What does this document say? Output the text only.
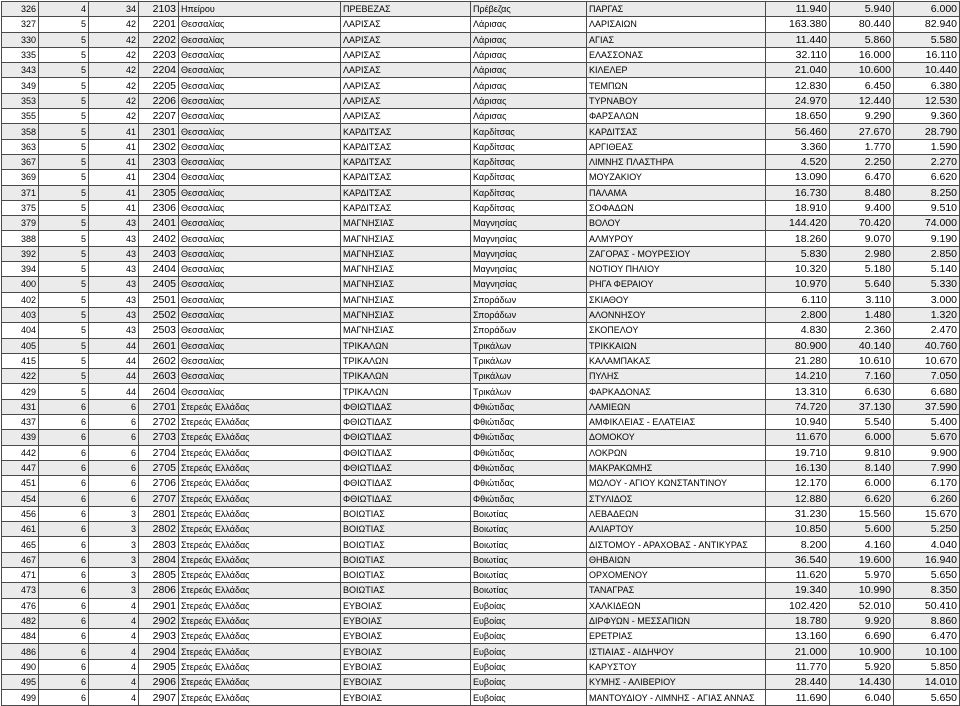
326	4	34	2103	Ηπείρου	ΠΡΕΒΕΖΑΣ	Πρέβεζας	ΠΑΡΓΑΣ	11.940	5.940	6.000
327	5	42	2201	Θεσσαλίας	ΛΑΡΙΣΑΣ	Λάρισας	ΛΑΡΙΣΑΙΩΝ	163.380	80.440	82.940
330	5	42	2202	Θεσσαλίας	ΛΑΡΙΣΑΣ	Λάρισας	ΑΓΙΑΣ	11.440	5.860	5.580
335	5	42	2203	Θεσσαλίας	ΛΑΡΙΣΑΣ	Λάρισας	ΕΛΑΣΣΟΝΑΣ	32.110	16.000	16.110
343	5	42	2204	Θεσσαλίας	ΛΑΡΙΣΑΣ	Λάρισας	ΚΙΛΕΛΕΡ	21.040	10.600	10.440
349	5	42	2205	Θεσσαλίας	ΛΑΡΙΣΑΣ	Λάρισας	ΤΕΜΠΩΝ	12.830	6.450	6.380
353	5	42	2206	Θεσσαλίας	ΛΑΡΙΣΑΣ	Λάρισας	ΤΥΡΝΑΒΟΥ	24.970	12.440	12.530
355	5	42	2207	Θεσσαλίας	ΛΑΡΙΣΑΣ	Λάρισας	ΦΑΡΣΑΛΩΝ	18.650	9.290	9.360
358	5	41	2301	Θεσσαλίας	ΚΑΡΔΙΤΣΑΣ	Καρδίτσας	ΚΑΡΔΙΤΣΑΣ	56.460	27.670	28.790
363	5	41	2302	Θεσσαλίας	ΚΑΡΔΙΤΣΑΣ	Καρδίτσας	ΑΡΓΙΘΕΑΣ	3.360	1.770	1.590
367	5	41	2303	Θεσσαλίας	ΚΑΡΔΙΤΣΑΣ	Καρδίτσας	ΛΙΜΝΗΣ ΠΛΑΣΤΗΡΑ	4.520	2.250	2.270
369	5	41	2304	Θεσσαλίας	ΚΑΡΔΙΤΣΑΣ	Καρδίτσας	ΜΟΥΖΑΚΙΟΥ	13.090	6.470	6.620
371	5	41	2305	Θεσσαλίας	ΚΑΡΔΙΤΣΑΣ	Καρδίτσας	ΠΑΛΑΜΑ	16.730	8.480	8.250
375	5	41	2306	Θεσσαλίας	ΚΑΡΔΙΤΣΑΣ	Καρδίτσας	ΣΟΦΑΔΩΝ	18.910	9.400	9.510
379	5	43	2401	Θεσσαλίας	ΜΑΓΝΗΣΙΑΣ	Μαγνησίας	ΒΟΛΟΥ	144.420	70.420	74.000
388	5	43	2402	Θεσσαλίας	ΜΑΓΝΗΣΙΑΣ	Μαγνησίας	ΑΛΜΥΡΟΥ	18.260	9.070	9.190
392	5	43	2403	Θεσσαλίας	ΜΑΓΝΗΣΙΑΣ	Μαγνησίας	ΖΑΓΟΡΑΣ - ΜΟΥΡΕΣΙΟΥ	5.830	2.980	2.850
394	5	43	2404	Θεσσαλίας	ΜΑΓΝΗΣΙΑΣ	Μαγνησίας	ΝΟΤΙΟΥ ΠΗΛΙΟΥ	10.320	5.180	5.140
400	5	43	2405	Θεσσαλίας	ΜΑΓΝΗΣΙΑΣ	Μαγνησίας	ΡΗΓΑ ΦΕΡΑΙΟΥ	10.970	5.640	5.330
402	5	43	2501	Θεσσαλίας	ΜΑΓΝΗΣΙΑΣ	Σποράδων	ΣΚΙΑΘΟΥ	6.110	3.110	3.000
403	5	43	2502	Θεσσαλίας	ΜΑΓΝΗΣΙΑΣ	Σποράδων	ΑΛΟΝΝΗΣΟΥ	2.800	1.480	1.320
404	5	43	2503	Θεσσαλίας	ΜΑΓΝΗΣΙΑΣ	Σποράδων	ΣΚΟΠΕΛΟΥ	4.830	2.360	2.470
405	5	44	2601	Θεσσαλίας	ΤΡΙΚΑΛΩΝ	Τρικάλων	ΤΡΙΚΚΑΙΩΝ	80.900	40.140	40.760
415	5	44	2602	Θεσσαλίας	ΤΡΙΚΑΛΩΝ	Τρικάλων	ΚΑΛΑΜΠΑΚΑΣ	21.280	10.610	10.670
422	5	44	2603	Θεσσαλίας	ΤΡΙΚΑΛΩΝ	Τρικάλων	ΠΥΛΗΣ	14.210	7.160	7.050
429	5	44	2604	Θεσσαλίας	ΤΡΙΚΑΛΩΝ	Τρικάλων	ΦΑΡΚΑΔΟΝΑΣ	13.310	6.630	6.680
431	6	6	2701	Στερεάς Ελλάδας	ΦΘΙΩΤΙΔΑΣ	Φθιώτιδας	ΛΑΜΙΕΩΝ	74.720	37.130	37.590
437	6	6	2702	Στερεάς Ελλάδας	ΦΘΙΩΤΙΔΑΣ	Φθιώτιδας	ΑΜΦΙΚΛΕΙΑΣ - ΕΛΑΤΕΙΑΣ	10.940	5.540	5.400
439	6	6	2703	Στερεάς Ελλάδας	ΦΘΙΩΤΙΔΑΣ	Φθιώτιδας	ΔΟΜΟΚΟΥ	11.670	6.000	5.670
442	6	6	2704	Στερεάς Ελλάδας	ΦΘΙΩΤΙΔΑΣ	Φθιώτιδας	ΛΟΚΡΩΝ	19.710	9.810	9.900
447	6	6	2705	Στερεάς Ελλάδας	ΦΘΙΩΤΙΔΑΣ	Φθιώτιδας	ΜΑΚΡΑΚΩΜΗΣ	16.130	8.140	7.990
451	6	6	2706	Στερεάς Ελλάδας	ΦΘΙΩΤΙΔΑΣ	Φθιώτιδας	ΜΩΛΟΥ - ΑΓΙΟΥ ΚΩΝΣΤΑΝΤΙΝΟΥ	12.170	6.000	6.170
454	6	6	2707	Στερεάς Ελλάδας	ΦΘΙΩΤΙΔΑΣ	Φθιώτιδας	ΣΤΥΛΙΔΟΣ	12.880	6.620	6.260
456	6	3	2801	Στερεάς Ελλάδας	ΒΟΙΩΤΙΑΣ	Βοιωτίας	ΛΕΒΑΔΕΩΝ	31.230	15.560	15.670
461	6	3	2802	Στερεάς Ελλάδας	ΒΟΙΩΤΙΑΣ	Βοιωτίας	ΑΛΙΑΡΤΟΥ	10.850	5.600	5.250
465	6	3	2803	Στερεάς Ελλάδας	ΒΟΙΩΤΙΑΣ	Βοιωτίας	ΔΙΣΤΟΜΟΥ - ΑΡΑΧΟΒΑΣ - ΑΝΤΙΚΥΡΑΣ	8.200	4.160	4.040
467	6	3	2804	Στερεάς Ελλάδας	ΒΟΙΩΤΙΑΣ	Βοιωτίας	ΘΗΒΑΙΩΝ	36.540	19.600	16.940
471	6	3	2805	Στερεάς Ελλάδας	ΒΟΙΩΤΙΑΣ	Βοιωτίας	ΟΡΧΟΜΕΝΟΥ	11.620	5.970	5.650
473	6	3	2806	Στερεάς Ελλάδας	ΒΟΙΩΤΙΑΣ	Βοιωτίας	ΤΑΝΑΓΡΑΣ	19.340	10.990	8.350
476	6	4	2901	Στερεάς Ελλάδας	ΕΥΒΟΙΑΣ	Ευβοίας	ΧΑΛΚΙΔΕΩΝ	102.420	52.010	50.410
482	6	4	2902	Στερεάς Ελλάδας	ΕΥΒΟΙΑΣ	Ευβοίας	ΔΙΡΦΥΩΝ - ΜΕΣΣΑΠΙΩΝ	18.780	9.920	8.860
484	6	4	2903	Στερεάς Ελλάδας	ΕΥΒΟΙΑΣ	Ευβοίας	ΕΡΕΤΡΙΑΣ	13.160	6.690	6.470
486	6	4	2904	Στερεάς Ελλάδας	ΕΥΒΟΙΑΣ	Ευβοίας	ΙΣΤΙΑΙΑΣ - ΑΙΔΗΨΟΥ	21.000	10.900	10.100
490	6	4	2905	Στερεάς Ελλάδας	ΕΥΒΟΙΑΣ	Ευβοίας	ΚΑΡΥΣΤΟΥ	11.770	5.920	5.850
495	6	4	2906	Στερεάς Ελλάδας	ΕΥΒΟΙΑΣ	Ευβοίας	ΚΥΜΗΣ - ΑΛΙΒΕΡΙΟΥ	28.440	14.430	14.010
499	6	4	2907	Στερεάς Ελλάδας	ΕΥΒΟΙΑΣ	Ευβοίας	ΜΑΝΤΟΥΔΙΟΥ - ΛΙΜΝΗΣ - ΑΓΙΑΣ ΑΝΝΑΣ	11.690	6.040	5.650
